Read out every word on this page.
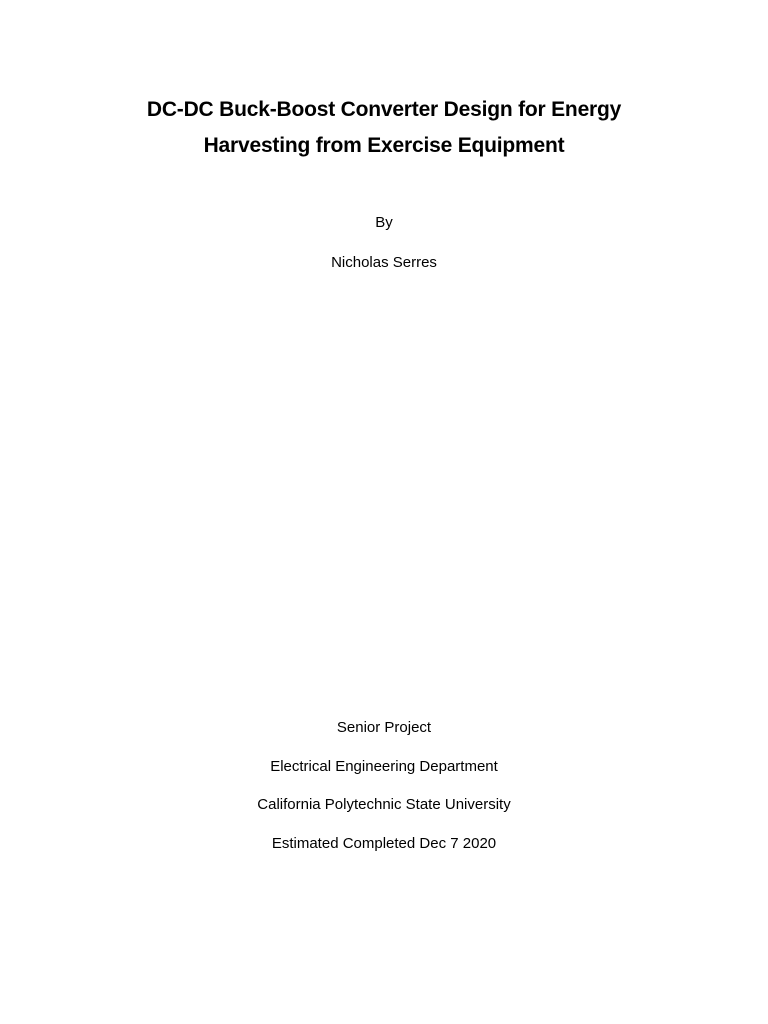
DC-DC Buck-Boost Converter Design for Energy
Harvesting from Exercise Equipment
By
Nicholas Serres
Senior Project
Electrical Engineering Department
California Polytechnic State University
Estimated Completed Dec 7 2020
